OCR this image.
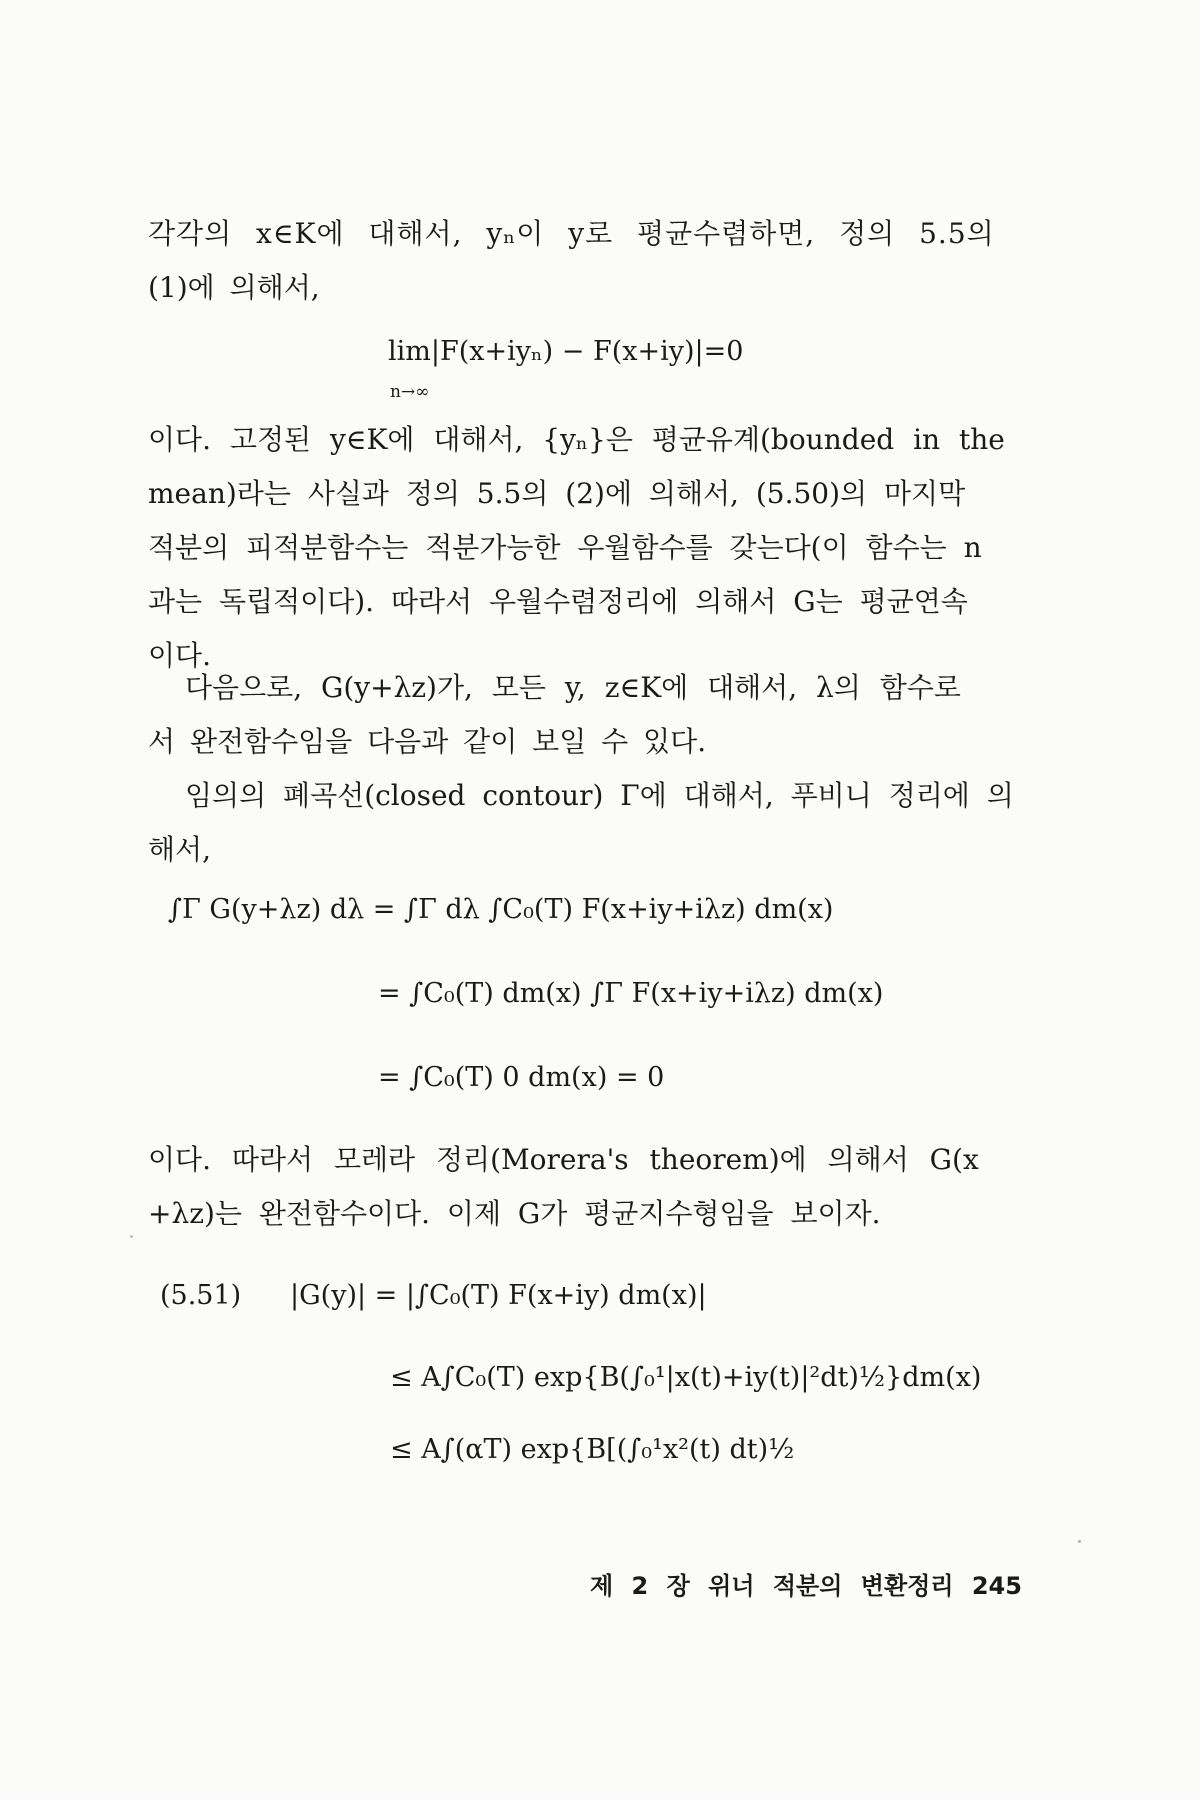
각각의 x∈K에 대해서, yₙ이 y로 평균수렴하면, 정의 5.5의
(1)에 의해서,
lim|F(x+iyₙ) − F(x+iy)|=0
n→∞
이다. 고정된 y∈K에 대해서, {yₙ}은 평균유계(bounded in the
mean)라는 사실과 정의 5.5의 (2)에 의해서, (5.50)의 마지막
적분의 피적분함수는 적분가능한 우월함수를 갖는다(이 함수는 n
과는 독립적이다). 따라서 우월수렴정리에 의해서 G는 평균연속
이다.
다음으로, G(y+λz)가, 모든 y, z∈K에 대해서, λ의 함수로
서 완전함수임을 다음과 같이 보일 수 있다.
임의의 폐곡선(closed contour) Γ에 대해서, 푸비니 정리에 의
해서,
∫Γ G(y+λz) dλ = ∫Γ dλ ∫C₀(T) F(x+iy+iλz) dm(x)
= ∫C₀(T) dm(x) ∫Γ F(x+iy+iλz) dm(x)
= ∫C₀(T) 0 dm(x) = 0
이다. 따라서 모레라 정리(Morera's theorem)에 의해서 G(x
+λz)는 완전함수이다. 이제 G가 평균지수형임을 보이자.
(5.51) |G(y)| = |∫C₀(T) F(x+iy) dm(x)|
≤ A∫C₀(T) exp{B(∫₀¹|x(t)+iy(t)|²dt)½}dm(x)
≤ A∫(αT) exp{B[(∫₀¹x²(t) dt)½
제 2 장 위너 적분의 변환정리 245
